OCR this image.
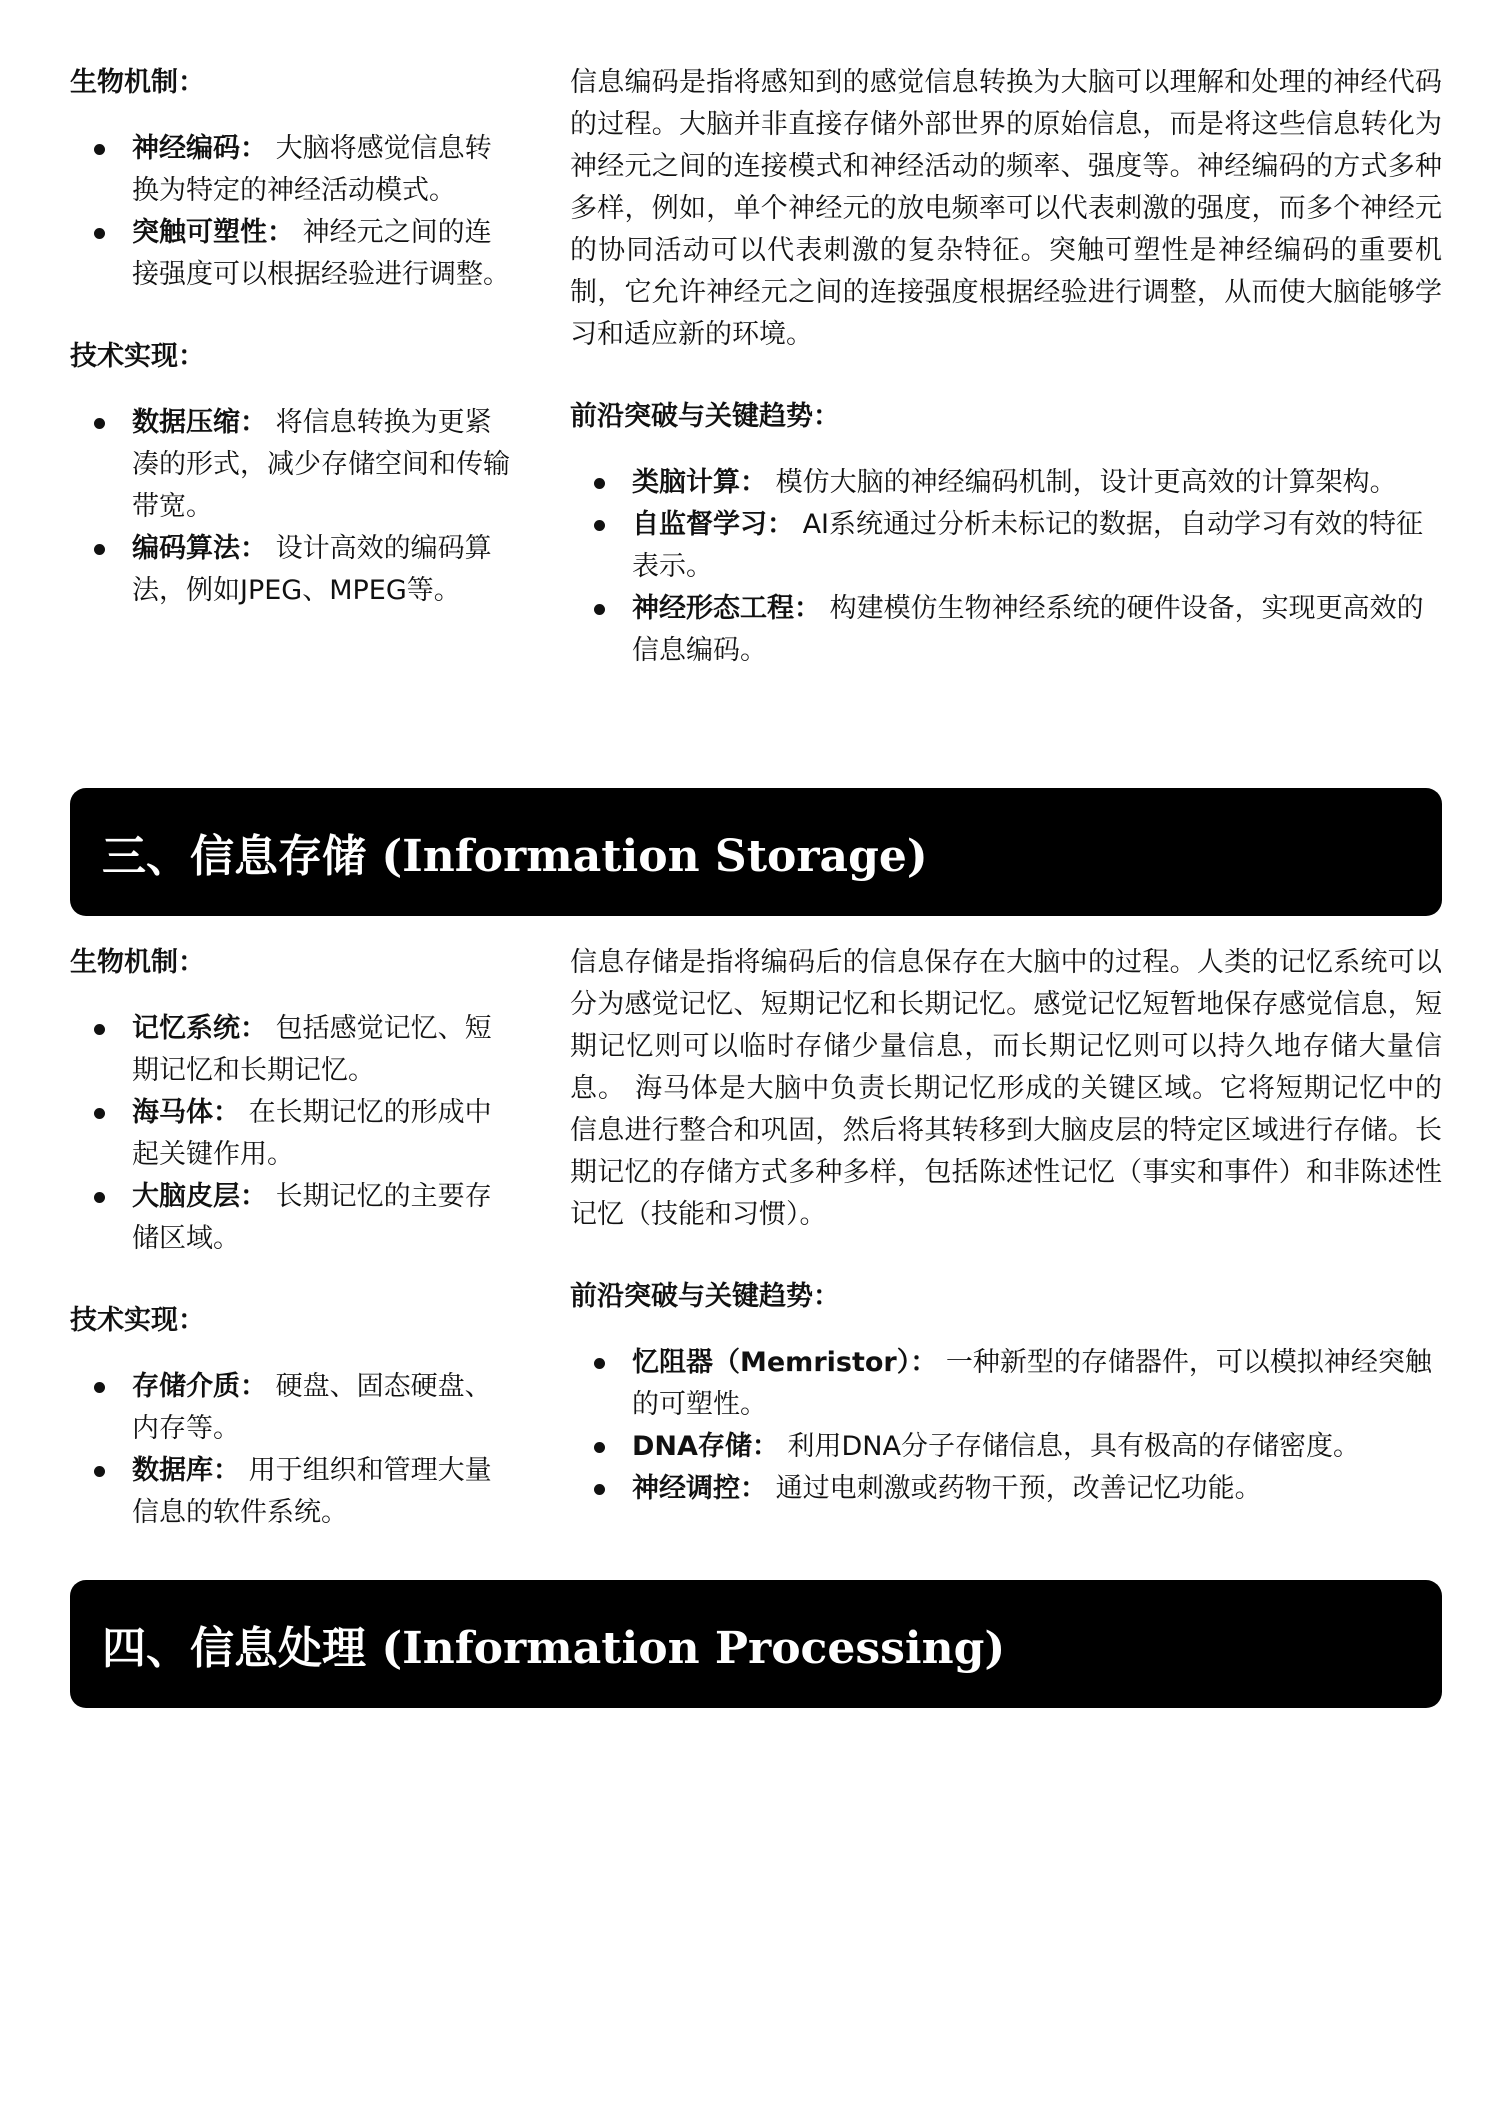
生物机制：
神经编码： 大脑将感觉信息转换为特定的神经活动模式。
突触可塑性： 神经元之间的连接强度可以根据经验进行调整。
技术实现：
数据压缩： 将信息转换为更紧凑的形式，减少存储空间和传输带宽。
编码算法： 设计高效的编码算法，例如JPEG、MPEG等。

信息编码是指将感知到的感觉信息转换为大脑可以理解和处理的神经代码的过程。大脑并非直接存储外部世界的原始信息，而是将这些信息转化为神经元之间的连接模式和神经活动的频率、强度等。神经编码的方式多种多样，例如，单个神经元的放电频率可以代表刺激的强度，而多个神经元的协同活动可以代表刺激的复杂特征。突触可塑性是神经编码的重要机制，它允许神经元之间的连接强度根据经验进行调整，从而使大脑能够学习和适应新的环境。

前沿突破与关键趋势：
类脑计算： 模仿大脑的神经编码机制，设计更高效的计算架构。
自监督学习： AI系统通过分析未标记的数据，自动学习有效的特征表示。
神经形态工程： 构建模仿生物神经系统的硬件设备，实现更高效的信息编码。
三、信息存储 (Information Storage)
生物机制：
记忆系统： 包括感觉记忆、短期记忆和长期记忆。
海马体： 在长期记忆的形成中起关键作用。
大脑皮层： 长期记忆的主要存储区域。
技术实现：
存储介质： 硬盘、固态硬盘、内存等。
数据库： 用于组织和管理大量信息的软件系统。

信息存储是指将编码后的信息保存在大脑中的过程。人类的记忆系统可以分为感觉记忆、短期记忆和长期记忆。感觉记忆短暂地保存感觉信息，短期记忆则可以临时存储少量信息，而长期记忆则可以持久地存储大量信息。 海马体是大脑中负责长期记忆形成的关键区域。它将短期记忆中的信息进行整合和巩固，然后将其转移到大脑皮层的特定区域进行存储。长期记忆的存储方式多种多样，包括陈述性记忆（事实和事件）和非陈述性记忆（技能和习惯）。

前沿突破与关键趋势：
忆阻器（Memristor）： 一种新型的存储器件，可以模拟神经突触的可塑性。
DNA存储： 利用DNA分子存储信息，具有极高的存储密度。
神经调控： 通过电刺激或药物干预，改善记忆功能。
四、信息处理 (Information Processing)
